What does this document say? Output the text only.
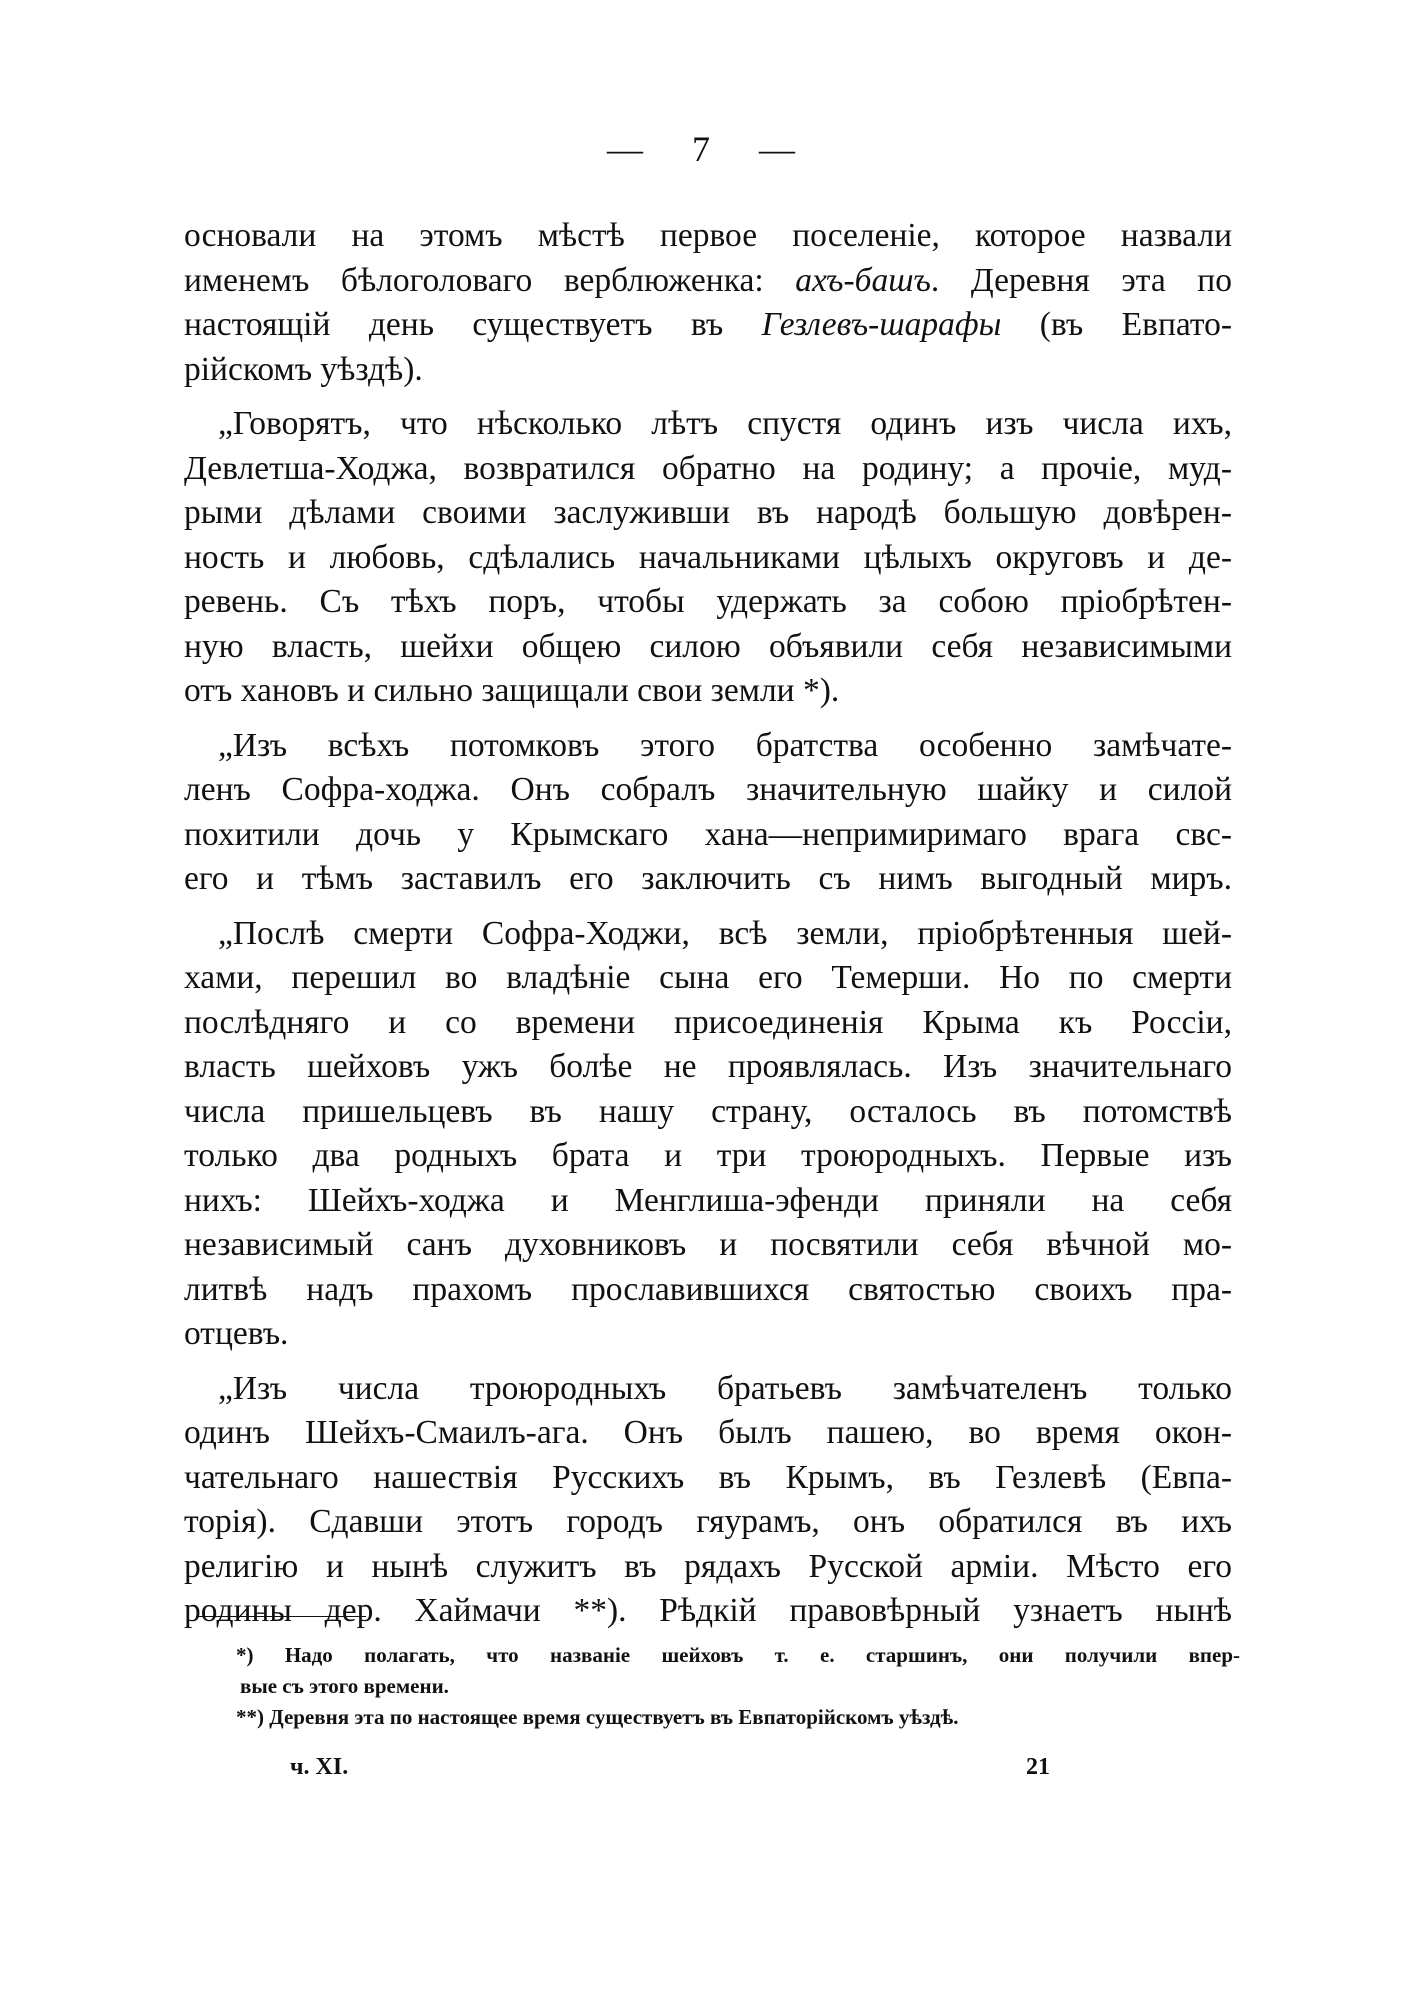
— 7 —
основали на этомъ мѣстѣ первое поселеніе, которое назвали
именемъ бѣлоголоваго верблюженка: ахъ-башъ. Деревня эта по
настоящій день существуетъ въ Гезлевъ-шарафы (въ Евпато-
рійскомъ уѣздѣ).
„Говорятъ, что нѣсколько лѣтъ спустя одинъ изъ числа ихъ,
Девлетша-Ходжа, возвратился обратно на родину; а прочіе, муд-
рыми дѣлами своими заслуживши въ народѣ большую довѣрен-
ность и любовь, сдѣлались начальниками цѣлыхъ округовъ и де-
ревень. Съ тѣхъ поръ, чтобы удержать за собою пріобрѣтен-
ную власть, шейхи общею силою объявили себя независимыми
отъ хановъ и сильно защищали свои земли *).
„Изъ всѣхъ потомковъ этого братства особенно замѣчате-
ленъ Софра-ходжа. Онъ собралъ значительную шайку и силой
похитили дочь у Крымскаго хана—непримиримаго врага свс-
его и тѣмъ заставилъ его заключить съ нимъ выгодный миръ.
„Послѣ смерти Софра-Ходжи, всѣ земли, пріобрѣтенныя шей-
хами, перешил во владѣніе сына его Темерши. Но по смерти
послѣдняго и со времени присоединенія Крыма къ Россіи,
власть шейховъ ужъ болѣе не проявлялась. Изъ значительнаго
числа пришельцевъ въ нашу страну, осталось въ потомствѣ
только два родныхъ брата и три троюродныхъ. Первые изъ
нихъ: Шейхъ-ходжа и Менглиша-эфенди приняли на себя
независимый санъ духовниковъ и посвятили себя вѣчной мо-
литвѣ надъ прахомъ прославившихся святостью своихъ пра-
отцевъ.
„Изъ числа троюродныхъ братьевъ замѣчателенъ только
одинъ Шейхъ-Смаилъ-ага. Онъ былъ пашею, во время окон-
чательнаго нашествія Русскихъ въ Крымъ, въ Гезлевѣ (Евпа-
торія). Сдавши этотъ городъ гяурамъ, онъ обратился въ ихъ
религію и нынѣ служитъ въ рядахъ Русской арміи. Мѣсто его
родины дер. Хаймачи **). Рѣдкій правовѣрный узнаетъ нынѣ
*) Надо полагать, что названіе шейховъ т. е. старшинъ, они получили впер-
вые съ этого времени.
**) Деревня эта по настоящее время существуетъ въ Евпаторійскомъ уѣздѣ.
ч. XI.	21
